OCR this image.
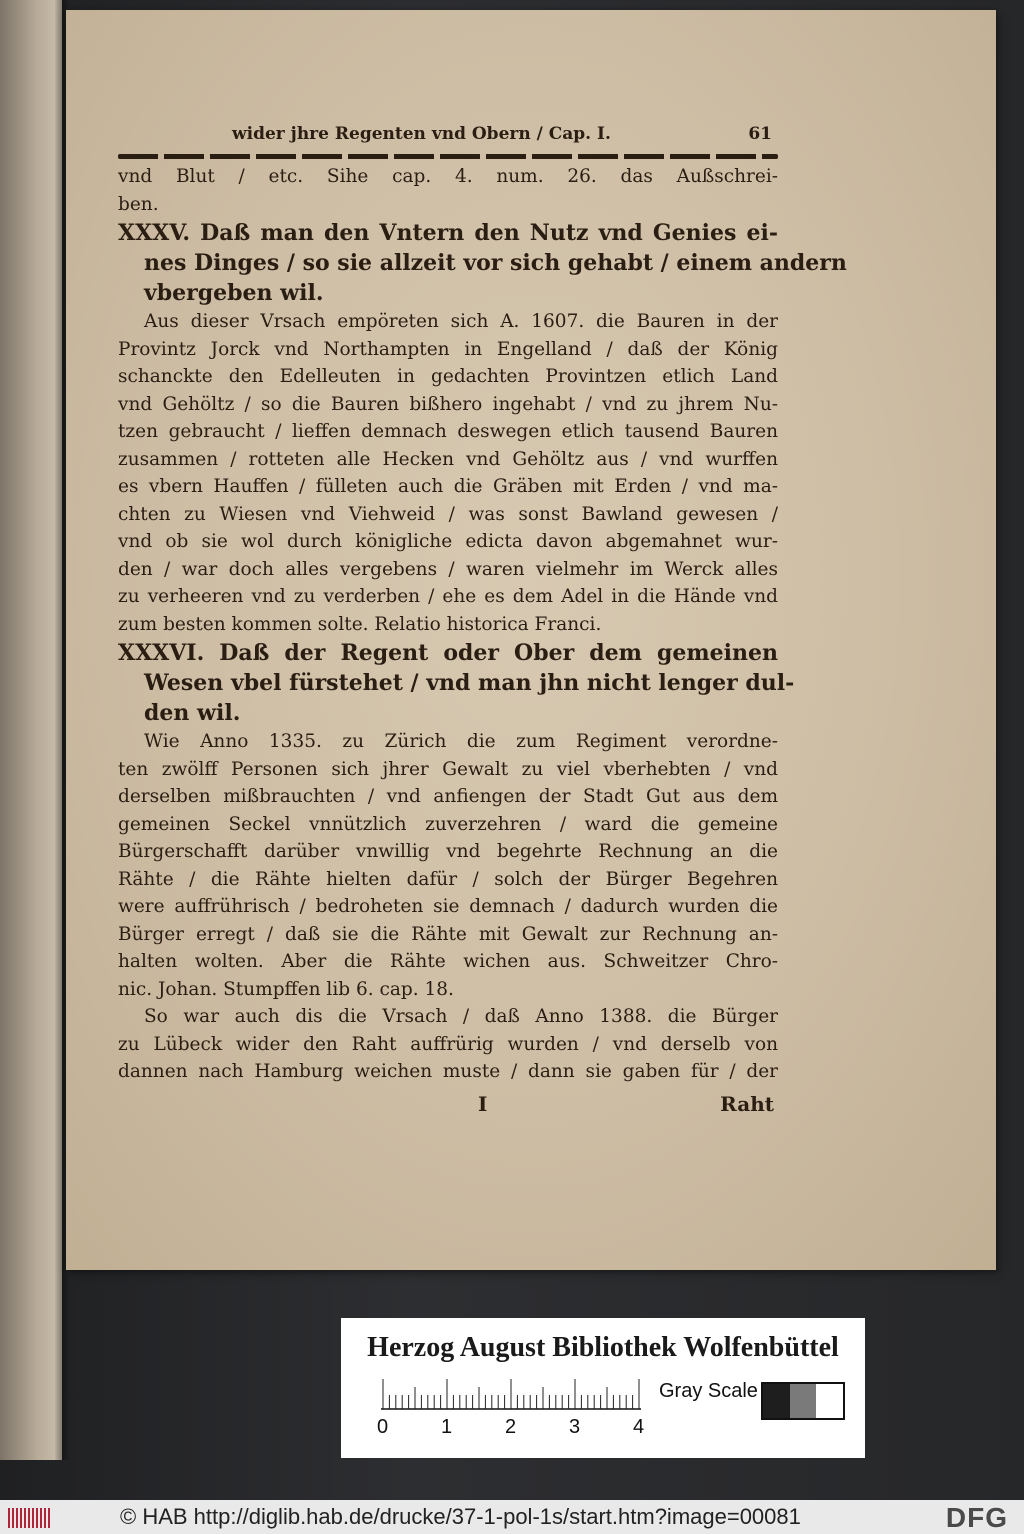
wider jhre Regenten vnd Obern / Cap. I.	61
vnd Blut / etc. Sihe cap. 4. num. 26. das Außschrei-
ben.
XXXV. Daß man den Vntern den Nutz vnd Genies ei-
nes Dinges / so sie allzeit vor sich gehabt / einem andern
vbergeben wil.
Aus dieser Vrsach empöreten sich A. 1607. die Bauren in der
Provintz Jorck vnd Northampten in Engelland / daß der König
schanckte den Edelleuten in gedachten Provintzen etlich Land
vnd Gehöltz / so die Bauren bißhero ingehabt / vnd zu jhrem Nu-
tzen gebraucht / lieffen demnach deswegen etlich tausend Bauren
zusammen / rotteten alle Hecken vnd Gehöltz aus / vnd wurffen
es vbern Hauffen / fülleten auch die Gräben mit Erden / vnd ma-
chten zu Wiesen vnd Viehweid / was sonst Bawland gewesen /
vnd ob sie wol durch königliche edicta davon abgemahnet wur-
den / war doch alles vergebens / waren vielmehr im Werck alles
zu verheeren vnd zu verderben / ehe es dem Adel in die Hände vnd
zum besten kommen solte. Relatio historica Franci.
XXXVI. Daß der Regent oder Ober dem gemeinen
Wesen vbel fürstehet / vnd man jhn nicht lenger dul-
den wil.
Wie Anno 1335. zu Zürich die zum Regiment verordne-
ten zwölff Personen sich jhrer Gewalt zu viel vberhebten / vnd
derselben mißbrauchten / vnd anfiengen der Stadt Gut aus dem
gemeinen Seckel vnnützlich zuverzehren / ward die gemeine
Bürgerschafft darüber vnwillig vnd begehrte Rechnung an die
Rähte / die Rähte hielten dafür / solch der Bürger Begehren
were auffrührisch / bedroheten sie demnach / dadurch wurden die
Bürger erregt / daß sie die Rähte mit Gewalt zur Rechnung an-
halten wolten. Aber die Rähte wichen aus. Schweitzer Chro-
nic. Johan. Stumpffen lib 6. cap. 18.
So war auch dis die Vrsach / daß Anno 1388. die Bürger
zu Lübeck wider den Raht auffrürig wurden / vnd derselb von
dannen nach Hamburg weichen muste / dann sie gaben für / der
I	Raht
Herzog August Bibliothek Wolfenbüttel
0	1	2	3	4
Gray Scale
© HAB http://diglib.hab.de/drucke/37-1-pol-1s/start.htm?image=00081	DFG
